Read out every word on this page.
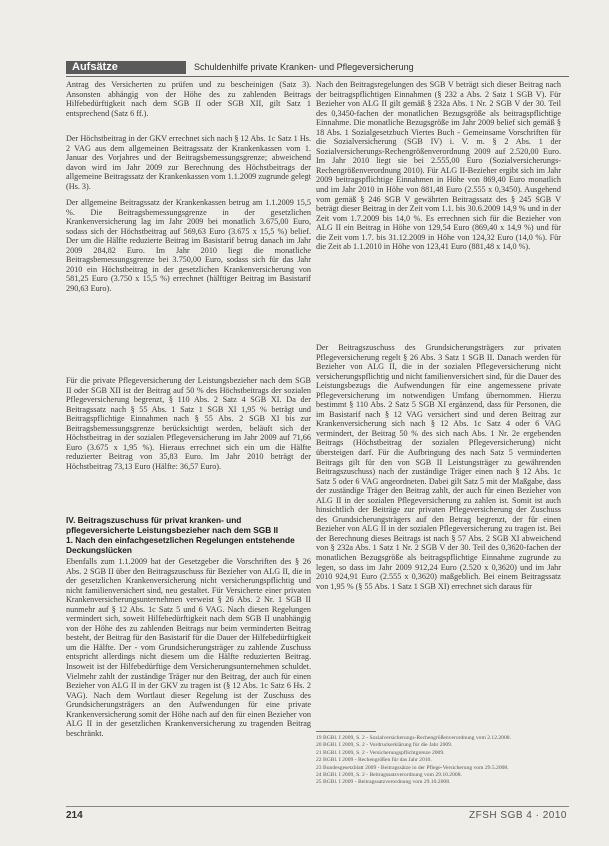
Aufsätze	Schuldenhilfe private Kranken- und Pflegeversicherung
Antrag des Versicherten zu prüfen und zu bescheinigen (Satz 3). Ansonsten abhängig von der Höhe des zu zahlenden Beitrags Hilfebedürftigkeit nach dem SGB II oder SGB XII, gilt Satz 1 entsprechend (Satz 6 ff.).
Der Höchstbeitrag in der GKV errechnet sich nach § 12 Abs. 1c Satz 1 Hs. 2 VAG aus dem allgemeinen Beitragssatz der Krankenkassen vom 1. Januar des Vorjahres und der Beitragsbemessungsgrenze; abweichend davon wird im Jahr 2009 zur Berechnung des Höchstbeitrags der allgemeine Beitragssatz der Krankenkassen vom 1.1.2009 zugrunde gelegt (Hs. 3).
Der allgemeine Beitragssatz der Krankenkassen betrug am 1.1.2009 15,5 %. Die Beitragsbemessungsgrenze in der gesetzlichen Krankenversicherung lag im Jahr 2009 bei monatlich 3.675,00 Euro, sodass sich der Höchstbeitrag auf 569,63 Euro (3.675 x 15,5 %) belief. Der um die Hälfte reduzierte Beitrag im Basistarif betrug danach im Jahr 2009 284,82 Euro. Im Jahr 2010 liegt die monatliche Beitragsbemessungsgrenze bei 3.750,00 Euro, sodass sich für das Jahr 2010 ein Höchstbeitrag in der gesetzlichen Krankenversicherung von 581,25 Euro (3.750 x 15,5 %) errechnet (hälftiger Beitrag im Basistarif 290,63 Euro).
Für die private Pflegeversicherung der Leistungsbezieher nach dem SGB II oder SGB XII ist der Beitrag auf 50 % des Höchstbeitrags der sozialen Pflegeversicherung begrenzt, § 110 Abs. 2 Satz 4 SGB XI. Da der Beitragssatz nach § 55 Abs. 1 Satz 1 SGB XI 1,95 % beträgt und Beitragspflichtige Einnahmen nach § 55 Abs. 2 SGB XI bis zur Beitragsbemessungsgrenze berücksichtigt werden, beläuft sich der Höchstbeitrag in der sozialen Pflegeversicherung im Jahr 2009 auf 71,66 Euro (3.675 x 1,95 %). Hieraus errechnet sich ein um die Hälfte reduzierter Beitrag von 35,83 Euro. Im Jahr 2010 beträgt der Höchstbeitrag 73,13 Euro (Hälfte: 36,57 Euro).
IV. Beitragszuschuss für privat kranken- und pflegeversicherte Leistungsbezieher nach dem SGB II
1. Nach den einfachgesetzlichen Regelungen entstehende Deckungslücken
Ebenfalls zum 1.1.2009 hat der Gesetzgeber die Vorschriften des § 26 Abs. 2 SGB II über den Beitragszuschuss für Bezieher von ALG II, die in der gesetzlichen Krankenversicherung nicht versicherungspflichtig und nicht familienversichert sind, neu gestaltet. Für Versicherte einer privaten Krankenversicherungsunternehmen verweist § 26 Abs. 2 Nr. 1 SGB II nunmehr auf § 12 Abs. 1c Satz 5 und 6 VAG. Nach diesen Regelungen vermindert sich, soweit Hilfebedürftigkeit nach dem SGB II unabhängig von der Höhe des zu zahlenden Beitrags nur beim verminderten Beitrag besteht, der Beitrag für den Basistarif für die Dauer der Hilfebedürftigkeit um die Hälfte. Der - vom Grundsicherungsträger zu zahlende Zuschuss entspricht allerdings nicht diesem um die Hälfte reduzierten Beitrag. Insoweit ist der Hilfebedürftige dem Versicherungsunternehmen schuldet. Vielmehr zahlt der zuständige Träger nur den Beitrag, der auch für einen Bezieher von ALG II in der GKV zu tragen ist (§ 12 Abs. 1c Satz 6 Hs. 2 VAG). Nach dem Wortlaut dieser Regelung ist der Zuschuss des Grundsicherungsträgers an den Aufwendungen für eine private Krankenversicherung somit der Höhe nach auf den für einen Bezieher von ALG II in der gesetzlichen Krankenversicherung zu tragenden Beitrag beschränkt.
Nach den Beitragsregelungen des SGB V beträgt sich dieser Beitrag nach der beitragspflichtigen Einnahmen (§ 232 a Abs. 2 Satz 1 SGB V). Für Bezieher von ALG II gilt gemäß § 232a Abs. 1 Nr. 2 SGB V der 30. Teil des 0,3450-fachen der monatlichen Bezugsgröße als beitragspflichtige Einnahme. Die monatliche Bezugsgröße im Jahr 2009 belief sich gemäß § 18 Abs. 1 Sozialgesetzbuch Viertes Buch - Gemeinsame Vorschriften für die Sozialversicherung (SGB IV) i. V. m. § 2 Abs. 1 der Sozialversicherungs-Rechengrößenverordnung 2009 auf 2.520,00 Euro. Im Jahr 2010 liegt sie bei 2.555,00 Euro (Sozialversicherungs-Rechengrößenverordnung 2010). Für ALG II-Bezieher ergibt sich im Jahr 2009 beitragspflichtige Einnahmen in Höhe von 869,40 Euro monatlich und im Jahr 2010 in Höhe von 881,48 Euro (2.555 x 0,3450). Ausgehend vom gemäß § 246 SGB V gewährten Beitragssatz des § 245 SGB V beträgt dieser Beitrag in der Zeit vom 1.1. bis 30.6.2009 14,9 % und in der Zeit vom 1.7.2009 bis 14,0 %. Es errechnen sich für die Bezieher von ALG II ein Beitrag in Höhe von 129,54 Euro (869,40 x 14,9 %) und für die Zeit vom 1.7. bis 31.12.2009 in Höhe von 124,32 Euro (14,0 %). Für die Zeit ab 1.1.2010 in Höhe von 123,41 Euro (881,48 x 14,0 %).
Der Beitragszuschuss des Grundsicherungsträgers zur privaten Pflegeversicherung regelt § 26 Abs. 3 Satz 1 SGB II. Danach werden für Bezieher von ALG II, die in der sozialen Pflegeversicherung nicht versicherungspflichtig und nicht familienversichert sind, für die Dauer des Leistungsbezugs die Aufwendungen für eine angemessene private Pflegeversicherung im notwendigen Umfang übernommen. Hierzu bestimmt § 110 Abs. 2 Satz 5 SGB XI ergänzend, dass für Personen, die im Basistarif nach § 12 VAG versichert sind und deren Beitrag zur Krankenversicherung sich nach § 12 Abs. 1c Satz 4 oder 6 VAG vermindert, der Beitrag 50 % des sich nach Abs. 1 Nr. 2e ergebenden Beitrags (Höchstbeitrag der sozialen Pflegeversicherung) nicht übersteigen darf. Für die Aufbringung des nach Satz 5 verminderten Beitrags gilt für den von SGB II Leistungsträger zu gewährenden Beitragszuschuss) nach der zuständige Träger einen nach § 12 Abs. 1c Satz 5 oder 6 VAG angeordneten. Dabei gilt Satz 5 mit der Maßgabe, dass der zuständige Träger den Beitrag zahlt, der auch für einen Bezieher von ALG II in der sozialen Pflegeversicherung zu zahlen ist. Somit ist auch hinsichtlich der Beiträge zur privaten Pflegeversicherung der Zuschuss des Grundsicherungsträgers auf den Betrag begrenzt, der für einen Bezieher von ALG II in der sozialen Pflegeversicherung zu tragen ist. Bei der Berechnung dieses Beitrags ist nach § 57 Abs. 2 SGB XI abweichend von § 232a Abs. 1 Satz 1 Nr. 2 SGB V der 30. Teil des 0,3620-fachen der monatlichen Bezugsgröße als beitragspflichtige Einnahme zugrunde zu legen, so dass im Jahr 2009 912,24 Euro (2.520 x 0,3620) und im Jahr 2010 924,91 Euro (2.555 x 0,3620) maßgeblich. Bei einem Beitragssatz von 1,95 % (§ 55 Abs. 1 Satz 1 SGB XI) errechnet sich daraus für
19 BGBl. I 2009, S. 2 - Sozialversicherungs-Rechengrößenverordnung vom 2.12.2008.
20 BGBl. I 2009, S. 2 - Vordruckerklärung für die Jahr 2009.
21 BGBl. I 2009, S. 2 - Versicherungspflichtgrenze 2009.
22 BGBl. I 2009 - Rechengrößen für das Jahr 2010.
23 Bundesgesetzblatt 2009 - Beitragssätze in der Pflege-Versicherung vom 29.5.2008.
24 BGBl. I 2009, S. 2 - Beitragssatzverordnung vom 29.10.2008.
25 BGBl. I 2009 - Beitragssatzverordnung vom 29.10.2008.
214	ZFSH SGB 4 · 2010
